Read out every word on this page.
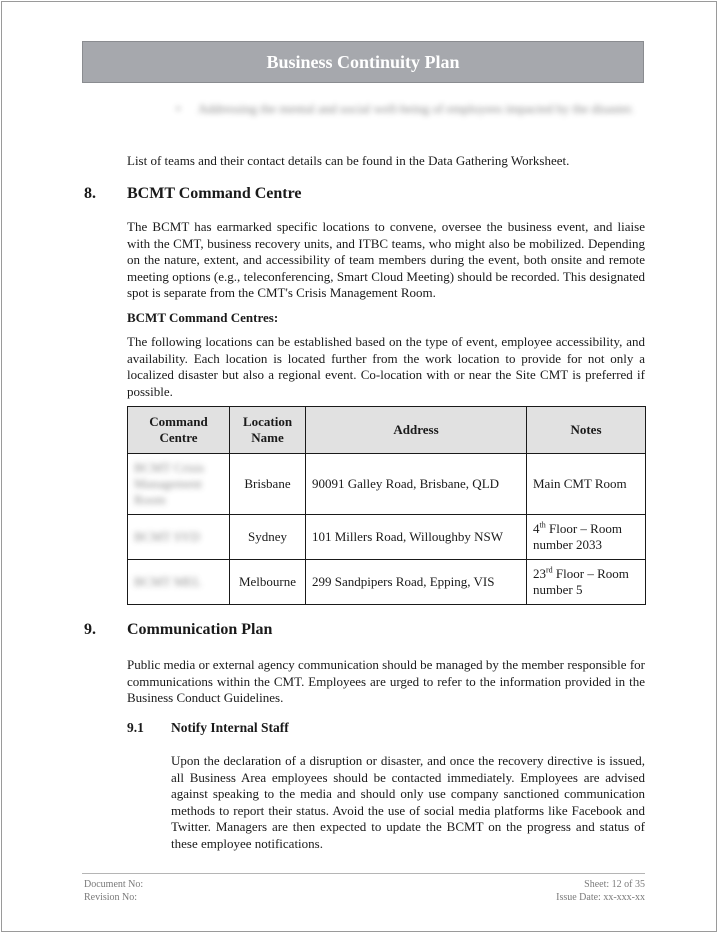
Business Continuity Plan
• Addressing the mental and social well-being of employees impacted by the disaster.

List of teams and their contact details can be found in the Data Gathering Worksheet.

8. BCMT Command Centre

The BCMT has earmarked specific locations to convene, oversee the business event, and liaise with the CMT, business recovery units, and ITBC teams, who might also be mobilized. Depending on the nature, extent, and accessibility of team members during the event, both onsite and remote meeting options (e.g., teleconferencing, Smart Cloud Meeting) should be recorded. This designated spot is separate from the CMT's Crisis Management Room.

BCMT Command Centres:

The following locations can be established based on the type of event, employee accessibility, and availability. Each location is located further from the work location to provide for not only a localized disaster but also a regional event. Co-location with or near the Site CMT is preferred if possible.

Command Centre	Location Name	Address	Notes
BCMT Crisis Management Room	Brisbane	90091 Galley Road, Brisbane, QLD	Main CMT Room
BCMT SYD	Sydney	101 Millers Road, Willoughby NSW	4th Floor – Room number 2033
BCMT MEL	Melbourne	299 Sandpipers Road, Epping, VIS	23rd Floor – Room number 5
9. Communication Plan

Public media or external agency communication should be managed by the member responsible for communications within the CMT. Employees are urged to refer to the information provided in the Business Conduct Guidelines.

9.1 Notify Internal Staff

Upon the declaration of a disruption or disaster, and once the recovery directive is issued, all Business Area employees should be contacted immediately. Employees are advised against speaking to the media and should only use company sanctioned communication methods to report their status. Avoid the use of social media platforms like Facebook and Twitter. Managers are then expected to update the BCMT on the progress and status of these employee notifications.

Document No:
Revision No:
Sheet: 12 of 35
Issue Date: xx-xxx-xx
